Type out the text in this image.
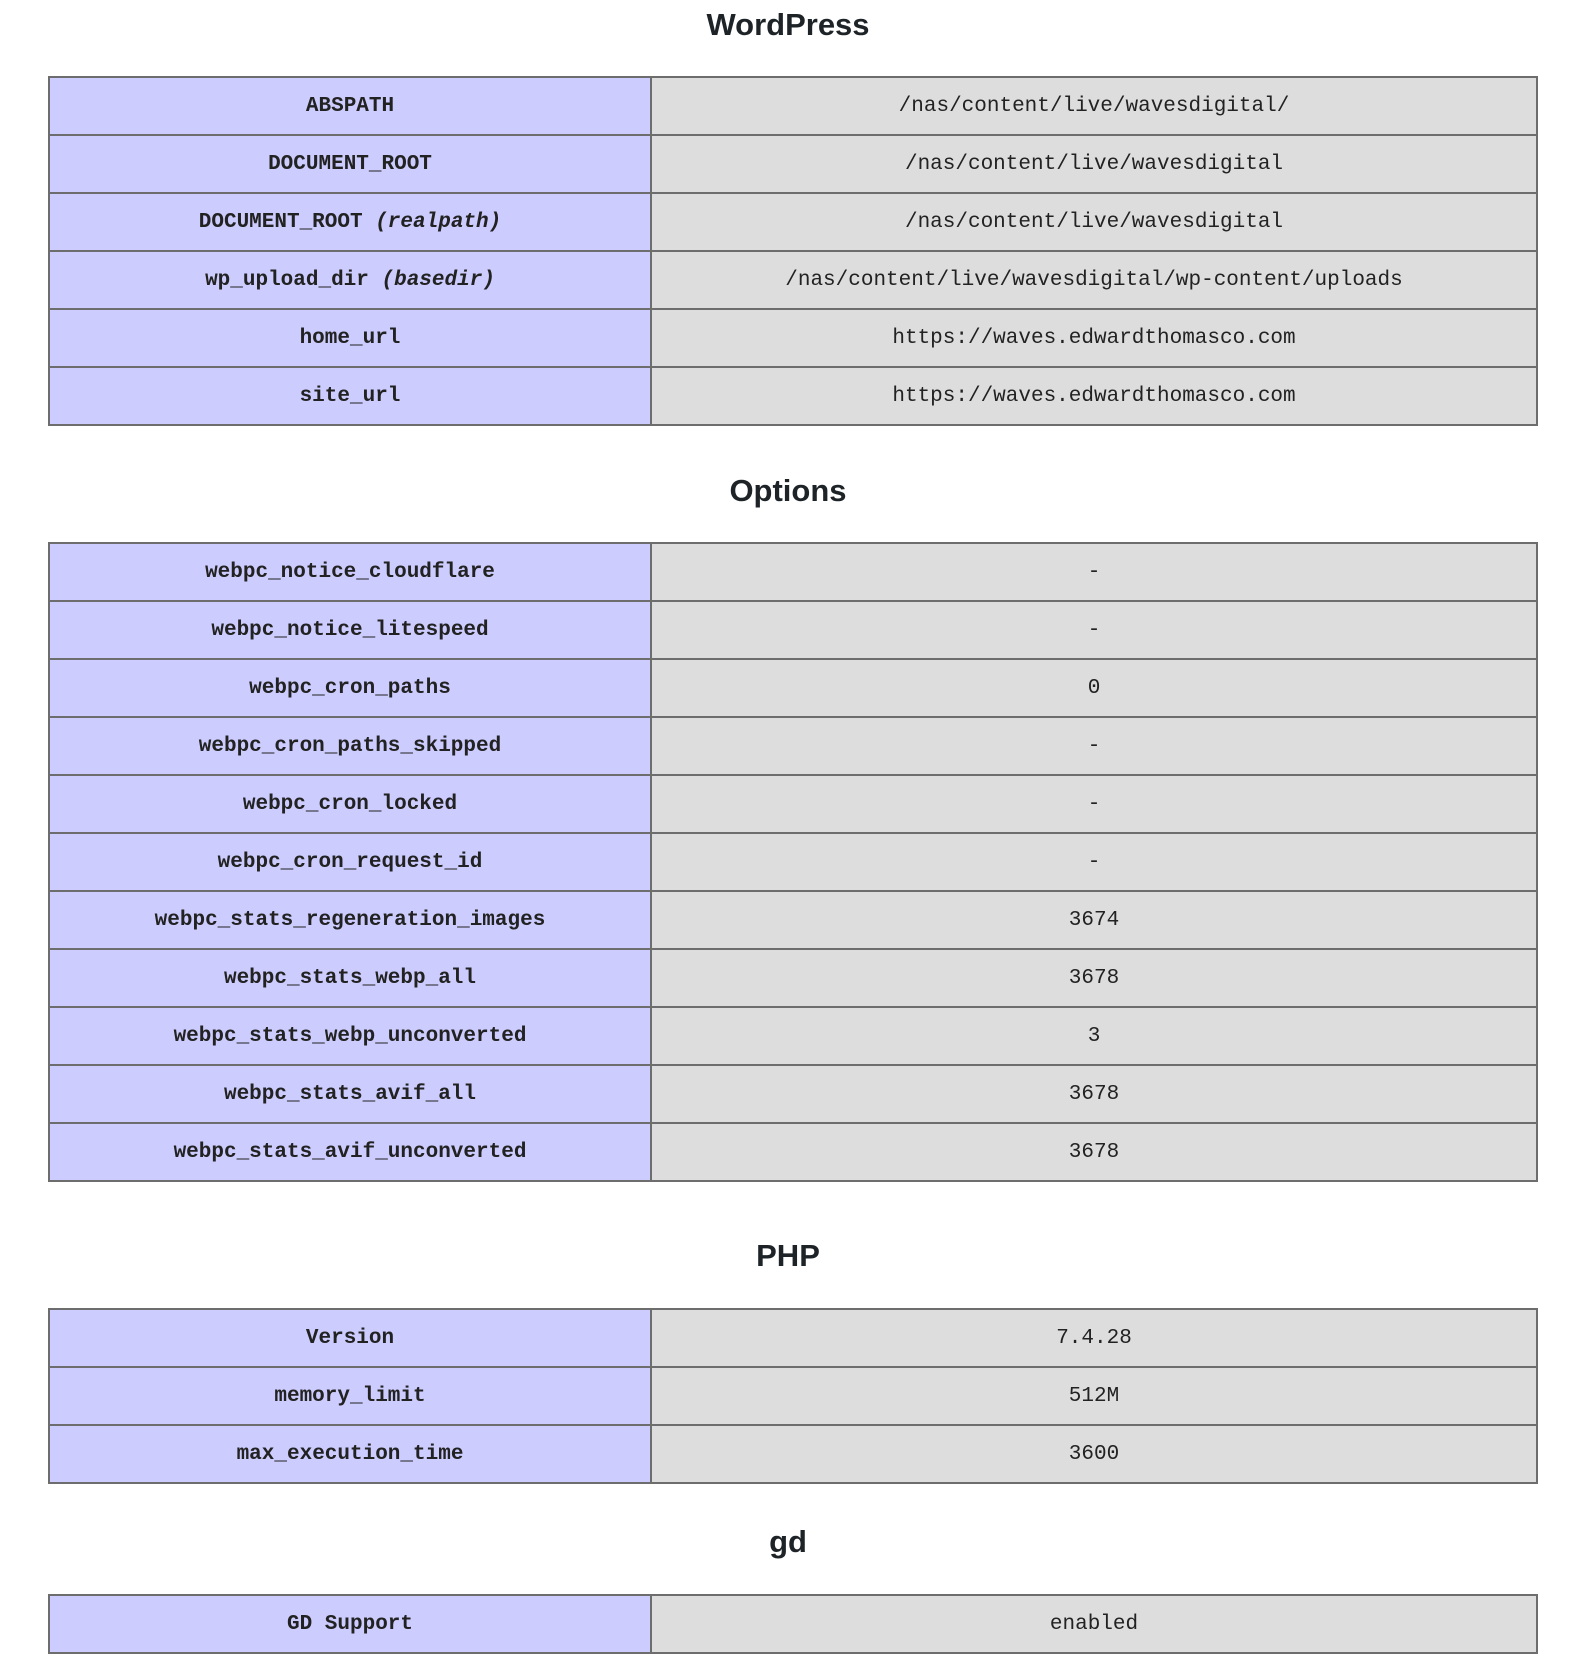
WordPress
ABSPATH	/nas/content/live/wavesdigital/
DOCUMENT_ROOT	/nas/content/live/wavesdigital
DOCUMENT_ROOT (realpath)	/nas/content/live/wavesdigital
wp_upload_dir (basedir)	/nas/content/live/wavesdigital/wp-content/uploads
home_url	https://waves.edwardthomasco.com
site_url	https://waves.edwardthomasco.com
Options
webpc_notice_cloudflare	-
webpc_notice_litespeed	-
webpc_cron_paths	0
webpc_cron_paths_skipped	-
webpc_cron_locked	-
webpc_cron_request_id	-
webpc_stats_regeneration_images	3674
webpc_stats_webp_all	3678
webpc_stats_webp_unconverted	3
webpc_stats_avif_all	3678
webpc_stats_avif_unconverted	3678
PHP
Version	7.4.28
memory_limit	512M
max_execution_time	3600
gd
GD Support	enabled
